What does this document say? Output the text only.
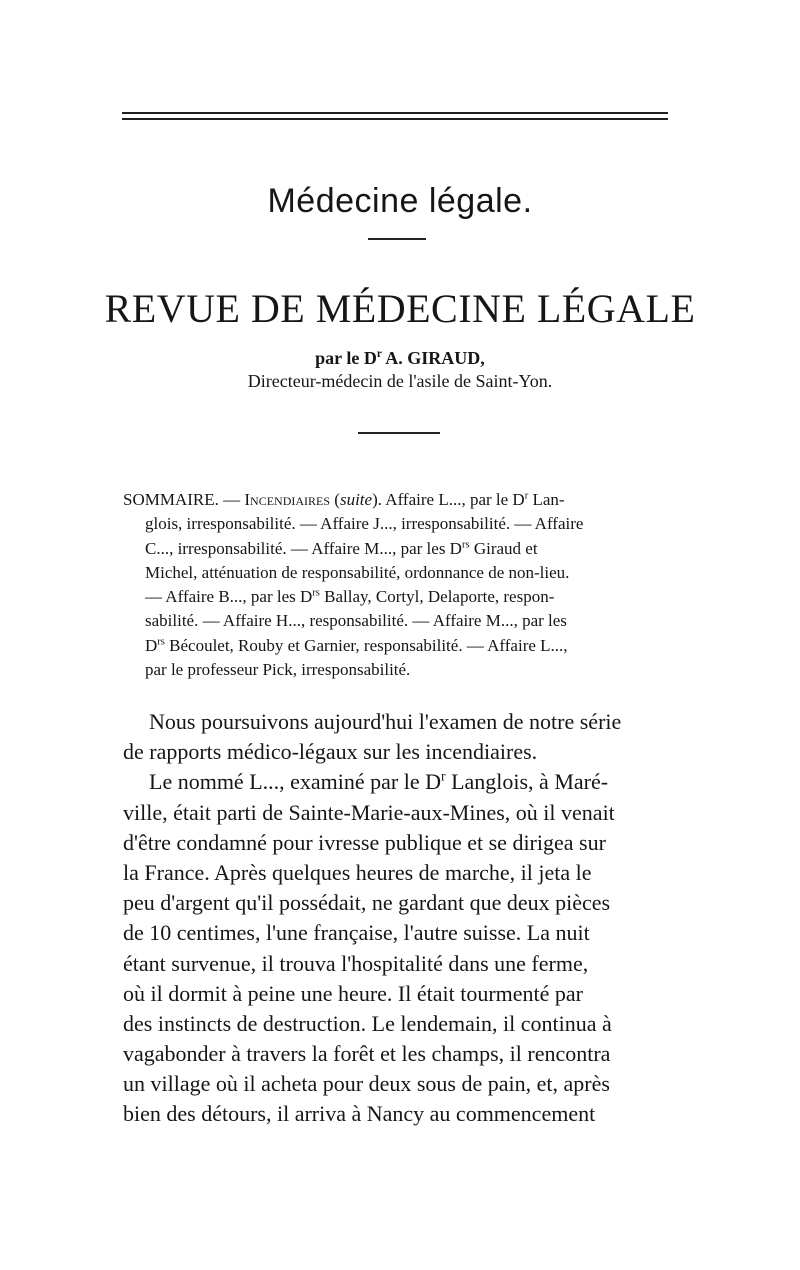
Médecine légale.
REVUE DE MÉDECINE LÉGALE
par le $D^r$ A. GIRAUD,
Directeur-médecin de l'asile de Saint-Yon.
SOMMAIRE. — Incendiaires (suite). Affaire L..., par le $D^r$ Lan-
glois, irresponsabilité. — Affaire J..., irresponsabilité. — Affaire
C..., irresponsabilité. — Affaire M..., par les $D^{rs}$ Giraud et
Michel, atténuation de responsabilité, ordonnance de non-lieu.
— Affaire B..., par les $D^{rs}$ Ballay, Cortyl, Delaporte, respon-
sabilité. — Affaire H..., responsabilité. — Affaire M..., par les
$D^{rs}$ Bécoulet, Rouby et Garnier, responsabilité. — Affaire L...,
par le professeur Pick, irresponsabilité.
Nous poursuivons aujourd'hui l'examen de notre série
de rapports médico-légaux sur les incendiaires.
Le nommé L..., examiné par le $D^r$ Langlois, à Maré-
ville, était parti de Sainte-Marie-aux-Mines, où il venait
d'être condamné pour ivresse publique et se dirigea sur
la France. Après quelques heures de marche, il jeta le
peu d'argent qu'il possédait, ne gardant que deux pièces
de 10 centimes, l'une française, l'autre suisse. La nuit
étant survenue, il trouva l'hospitalité dans une ferme,
où il dormit à peine une heure. Il était tourmenté par
des instincts de destruction. Le lendemain, il continua à
vagabonder à travers la forêt et les champs, il rencontra
un village où il acheta pour deux sous de pain, et, après
bien des détours, il arriva à Nancy au commencement
